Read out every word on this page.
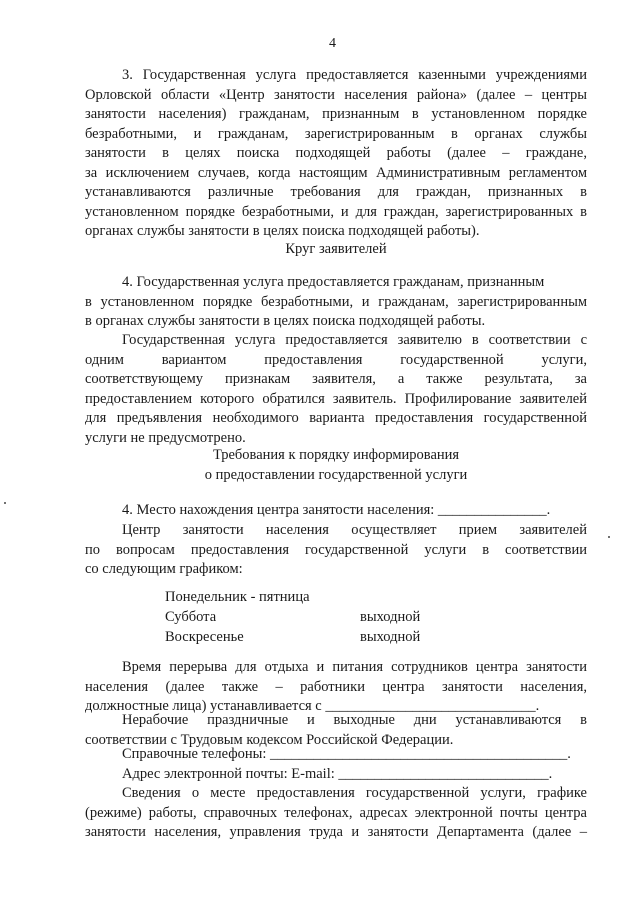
4
3. Государственная услуга предоставляется казенными учреждениями
Орловской области «Центр занятости населения района» (далее – центры
занятости населения) гражданам, признанным в установленном порядке
безработными, и гражданам, зарегистрированным в органах службы
занятости в целях поиска подходящей работы (далее – граждане,
за исключением случаев, когда настоящим Административным регламентом
устанавливаются различные требования для граждан, признанных в
установленном порядке безработными, и для граждан, зарегистрированных в
органах службы занятости в целях поиска подходящей работы).
Круг заявителей
4. Государственная услуга предоставляется гражданам, признанным
в установленном порядке безработными, и гражданам, зарегистрированным
в органах службы занятости в целях поиска подходящей работы.
Государственная услуга предоставляется заявителю в соответствии с
одним вариантом предоставления государственной услуги,
соответствующему признакам заявителя, а также результата, за
предоставлением которого обратился заявитель. Профилирование заявителей
для предъявления необходимого варианта предоставления государственной
услуги не предусмотрено.
Требования к порядку информирования
о предоставлении государственной услуги
4. Место нахождения центра занятости населения: _______________.
Центр занятости населения осуществляет прием заявителей
по вопросам предоставления государственной услуги в соответствии
со следующим графиком:
Понедельник - пятница
Суббота	выходной
Воскресенье	выходной
Время перерыва для отдыха и питания сотрудников центра занятости
населения (далее также – работники центра занятости населения,
должностные лица) устанавливается с _____________________________.
Нерабочие праздничные и выходные дни устанавливаются в
соответствии с Трудовым кодексом Российской Федерации.
Справочные телефоны: _________________________________________.
Адрес электронной почты: E-mail: _____________________________.
Сведения о месте предоставления государственной услуги, графике
(режиме) работы, справочных телефонах, адресах электронной почты центра
занятости населения, управления труда и занятости Департамента (далее –
